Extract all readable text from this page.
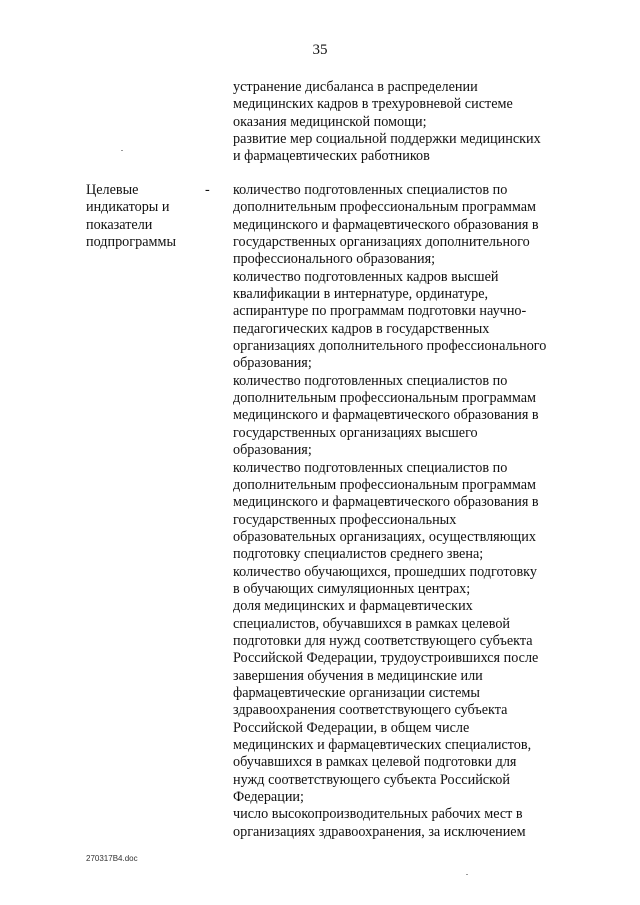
35
устранение дисбаланса в распределении
медицинских кадров в трехуровневой системе
оказания медицинской помощи;
развитие мер социальной поддержки медицинских
и фармацевтических работников
Целевые
индикаторы и
показатели
подпрограммы
- количество подготовленных специалистов по
дополнительным профессиональным программам
медицинского и фармацевтического образования в
государственных организациях дополнительного
профессионального образования;
количество подготовленных кадров высшей
квалификации в интернатуре, ординатуре,
аспирантуре по программам подготовки научно-
педагогических кадров в государственных
организациях дополнительного профессионального
образования;
количество подготовленных специалистов по
дополнительным профессиональным программам
медицинского и фармацевтического образования в
государственных организациях высшего
образования;
количество подготовленных специалистов по
дополнительным профессиональным программам
медицинского и фармацевтического образования в
государственных профессиональных
образовательных организациях, осуществляющих
подготовку специалистов среднего звена;
количество обучающихся, прошедших подготовку
в обучающих симуляционных центрах;
доля медицинских и фармацевтических
специалистов, обучавшихся в рамках целевой
подготовки для нужд соответствующего субъекта
Российской Федерации, трудоустроившихся после
завершения обучения в медицинские или
фармацевтические организации системы
здравоохранения соответствующего субъекта
Российской Федерации, в общем числе
медицинских и фармацевтических специалистов,
обучавшихся в рамках целевой подготовки для
нужд соответствующего субъекта Российской
Федерации;
число высокопроизводительных рабочих мест в
организациях здравоохранения, за исключением
270317В4.doc
